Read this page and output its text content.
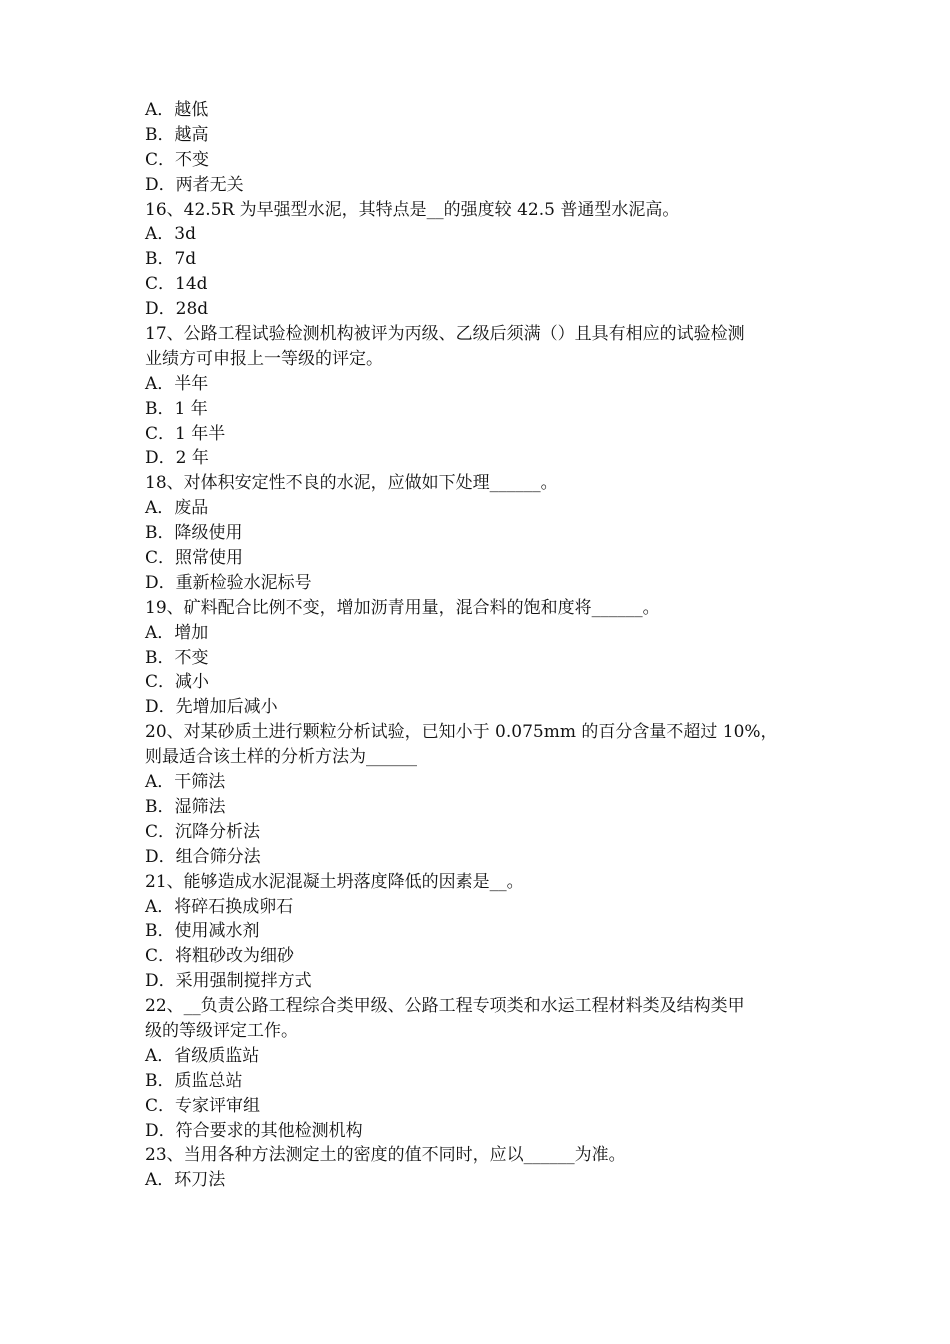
A．越低
B．越高
C．不变
D．两者无关
16、42.5R 为早强型水泥，其特点是__的强度较 42.5 普通型水泥高。
A．3d
B．7d
C．14d
D．28d
17、公路工程试验检测机构被评为丙级、乙级后须满（）且具有相应的试验检测
业绩方可申报上一等级的评定。
A．半年
B．1 年
C．1 年半
D．2 年
18、对体积安定性不良的水泥，应做如下处理______。
A．废品
B．降级使用
C．照常使用
D．重新检验水泥标号
19、矿料配合比例不变，增加沥青用量，混合料的饱和度将______。
A．增加
B．不变
C．减小
D．先增加后减小
20、对某砂质土进行颗粒分析试验，已知小于 0.075mm 的百分含量不超过 10%，
则最适合该土样的分析方法为______
A．干筛法
B．湿筛法
C．沉降分析法
D．组合筛分法
21、能够造成水泥混凝土坍落度降低的因素是__。
A．将碎石换成卵石
B．使用减水剂
C．将粗砂改为细砂
D．采用强制搅拌方式
22、__负责公路工程综合类甲级、公路工程专项类和水运工程材料类及结构类甲
级的等级评定工作。
A．省级质监站
B．质监总站
C．专家评审组
D．符合要求的其他检测机构
23、当用各种方法测定土的密度的值不同时，应以______为准。
A．环刀法
